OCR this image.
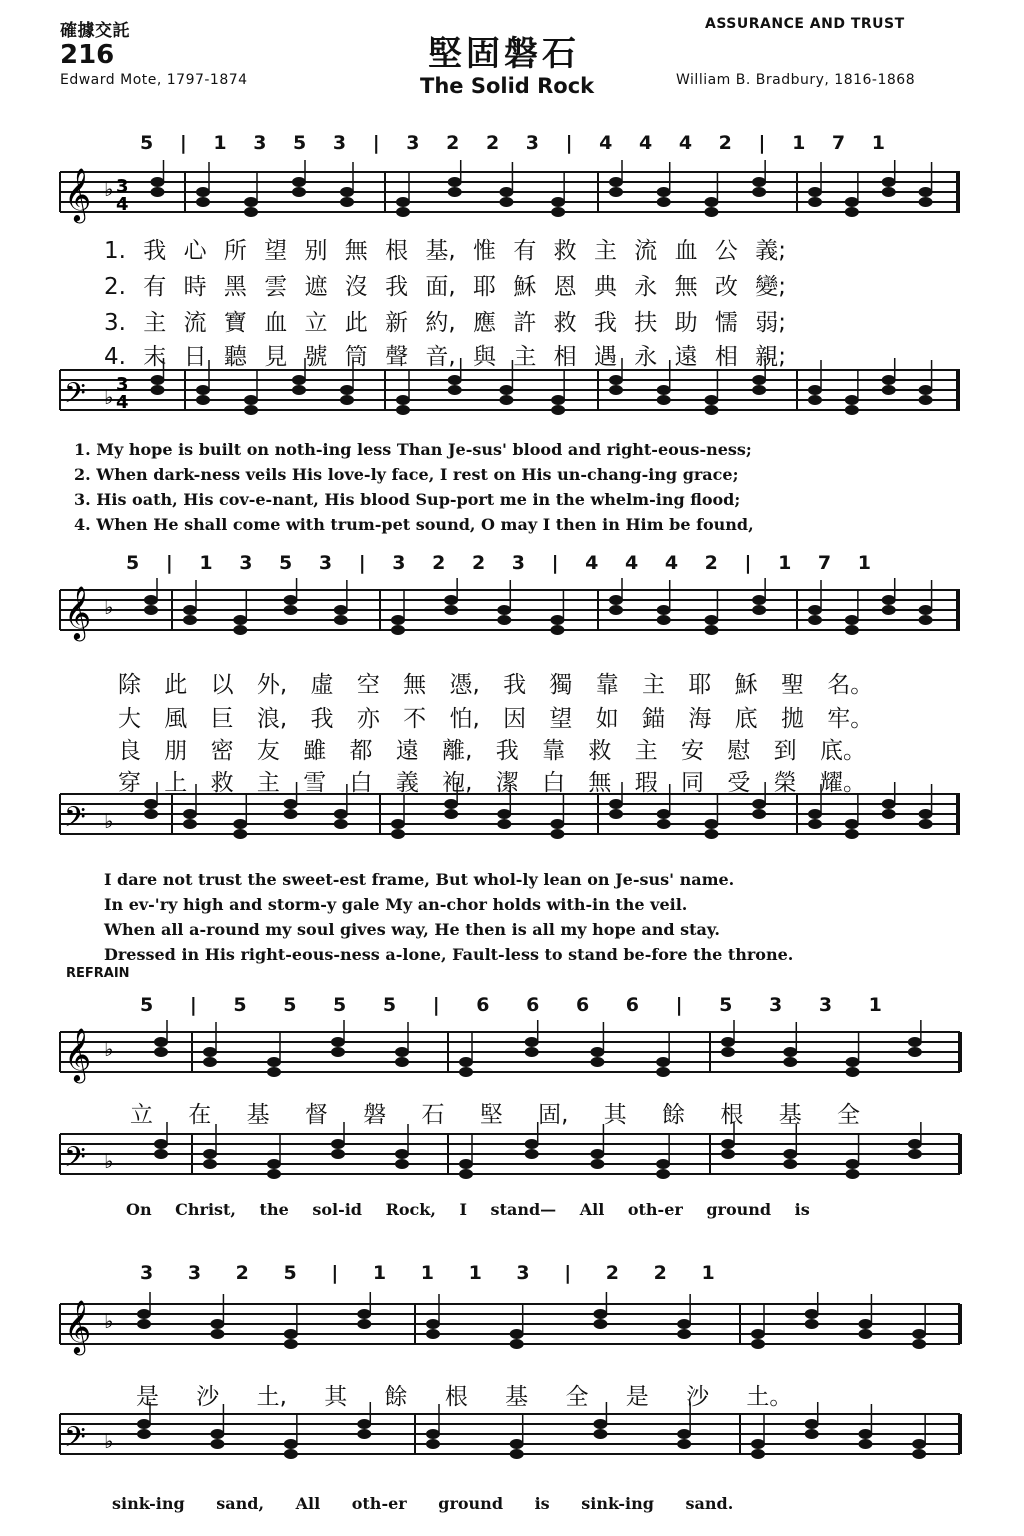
確據交託
216	堅固磐石
The Solid Rock
ASSURANCE AND TRUST
Edward Mote, 1797-1874	William B. Bradbury, 1816-1868
5 | 1 3 5 3 | 3 2 2 3 | 4 4 4 2 | 1 7 1
𝄞 ♭ 3
4
1. 我 心 所 望 别 無 根 基, 惟 有 救 主 流 血 公 義;
2. 有 時 黑 雲 遮 沒 我 面, 耶 穌 恩 典 永 無 改 變;
3. 主 流 寶 血 立 此 新 約, 應 許 救 我 扶 助 懦 弱;
4. 末 日 聽 見 號 筒 聲 音, 與 主 相 遇 永 遠 相 親;
𝄢 ♭
3
4
1. My hope is built on noth-ing less Than Je-sus' blood and right-eous-ness;
2. When dark-ness veils His love-ly face, I rest on His un-chang-ing grace;
3. His oath, His cov-e-nant, His blood Sup-port me in the whelm-ing flood;
4. When He shall come with trum-pet sound, O may I then in Him be found,
5 | 1 3 5 3 | 3 2 2 3 | 4 4 4 2 | 1 7 1
𝄞 ♭
除 此 以 外, 虛 空 無 憑, 我 獨 靠 主 耶 穌 聖 名。
大 風 巨 浪, 我 亦 不 怕, 因 望 如 錨 海 底 拋 牢。
良 朋 密 友 雖 都 遠 離, 我 靠 救 主 安 慰 到 底。
穿 上 救 主 雪 白 義 袍, 潔 白 無 瑕 同 受 榮 耀。
𝄢 ♭
I dare not trust the sweet-est frame, But whol-ly lean on Je-sus' name.
In ev-'ry high and storm-y gale My an-chor holds with-in the veil.
When all a-round my soul gives way, He then is all my hope and stay.
Dressed in His right-eous-ness a-lone, Fault-less to stand be-fore the throne.
REFRAIN
5 | 5 5 5 5 | 6 6 6 6 | 5 3 3 1
𝄞 ♭
立 在 基 督 磐 石 堅 固, 其 餘 根 基 全
𝄢 ♭
On Christ, the sol-id Rock, I stand— All oth-er ground is
3 3 2 5 | 1 1 1 3 | 2 2 1
𝄞 ♭
是 沙 土, 其 餘 根 基 全 是 沙 土。
𝄢 ♭
sink-ing sand, All oth-er ground is sink-ing sand.
